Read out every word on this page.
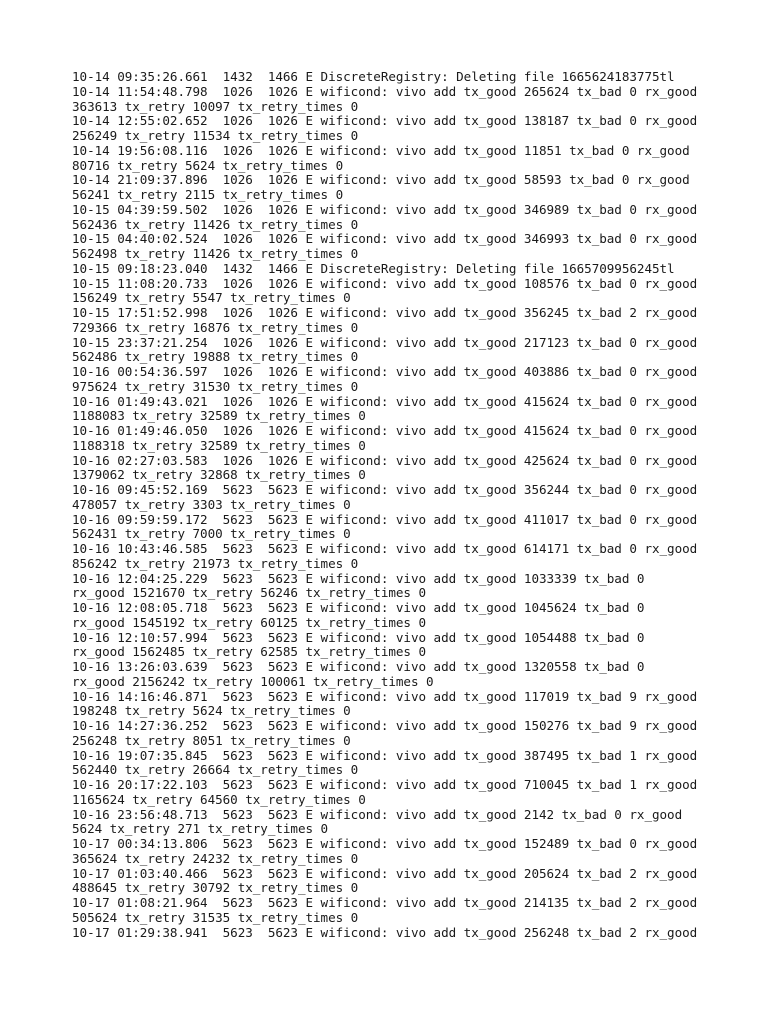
10-14 09:35:26.661  1432  1466 E DiscreteRegistry: Deleting file 1665624183775tl
10-14 11:54:48.798  1026  1026 E wificond: vivo add tx_good 265624 tx_bad 0 rx_good
363613 tx_retry 10097 tx_retry_times 0
10-14 12:55:02.652  1026  1026 E wificond: vivo add tx_good 138187 tx_bad 0 rx_good
256249 tx_retry 11534 tx_retry_times 0
10-14 19:56:08.116  1026  1026 E wificond: vivo add tx_good 11851 tx_bad 0 rx_good
80716 tx_retry 5624 tx_retry_times 0
10-14 21:09:37.896  1026  1026 E wificond: vivo add tx_good 58593 tx_bad 0 rx_good
56241 tx_retry 2115 tx_retry_times 0
10-15 04:39:59.502  1026  1026 E wificond: vivo add tx_good 346989 tx_bad 0 rx_good
562436 tx_retry 11426 tx_retry_times 0
10-15 04:40:02.524  1026  1026 E wificond: vivo add tx_good 346993 tx_bad 0 rx_good
562498 tx_retry 11426 tx_retry_times 0
10-15 09:18:23.040  1432  1466 E DiscreteRegistry: Deleting file 1665709956245tl
10-15 11:08:20.733  1026  1026 E wificond: vivo add tx_good 108576 tx_bad 0 rx_good
156249 tx_retry 5547 tx_retry_times 0
10-15 17:51:52.998  1026  1026 E wificond: vivo add tx_good 356245 tx_bad 2 rx_good
729366 tx_retry 16876 tx_retry_times 0
10-15 23:37:21.254  1026  1026 E wificond: vivo add tx_good 217123 tx_bad 0 rx_good
562486 tx_retry 19888 tx_retry_times 0
10-16 00:54:36.597  1026  1026 E wificond: vivo add tx_good 403886 tx_bad 0 rx_good
975624 tx_retry 31530 tx_retry_times 0
10-16 01:49:43.021  1026  1026 E wificond: vivo add tx_good 415624 tx_bad 0 rx_good
1188083 tx_retry 32589 tx_retry_times 0
10-16 01:49:46.050  1026  1026 E wificond: vivo add tx_good 415624 tx_bad 0 rx_good
1188318 tx_retry 32589 tx_retry_times 0
10-16 02:27:03.583  1026  1026 E wificond: vivo add tx_good 425624 tx_bad 0 rx_good
1379062 tx_retry 32868 tx_retry_times 0
10-16 09:45:52.169  5623  5623 E wificond: vivo add tx_good 356244 tx_bad 0 rx_good
478057 tx_retry 3303 tx_retry_times 0
10-16 09:59:59.172  5623  5623 E wificond: vivo add tx_good 411017 tx_bad 0 rx_good
562431 tx_retry 7000 tx_retry_times 0
10-16 10:43:46.585  5623  5623 E wificond: vivo add tx_good 614171 tx_bad 0 rx_good
856242 tx_retry 21973 tx_retry_times 0
10-16 12:04:25.229  5623  5623 E wificond: vivo add tx_good 1033339 tx_bad 0
rx_good 1521670 tx_retry 56246 tx_retry_times 0
10-16 12:08:05.718  5623  5623 E wificond: vivo add tx_good 1045624 tx_bad 0
rx_good 1545192 tx_retry 60125 tx_retry_times 0
10-16 12:10:57.994  5623  5623 E wificond: vivo add tx_good 1054488 tx_bad 0
rx_good 1562485 tx_retry 62585 tx_retry_times 0
10-16 13:26:03.639  5623  5623 E wificond: vivo add tx_good 1320558 tx_bad 0
rx_good 2156242 tx_retry 100061 tx_retry_times 0
10-16 14:16:46.871  5623  5623 E wificond: vivo add tx_good 117019 tx_bad 9 rx_good
198248 tx_retry 5624 tx_retry_times 0
10-16 14:27:36.252  5623  5623 E wificond: vivo add tx_good 150276 tx_bad 9 rx_good
256248 tx_retry 8051 tx_retry_times 0
10-16 19:07:35.845  5623  5623 E wificond: vivo add tx_good 387495 tx_bad 1 rx_good
562440 tx_retry 26664 tx_retry_times 0
10-16 20:17:22.103  5623  5623 E wificond: vivo add tx_good 710045 tx_bad 1 rx_good
1165624 tx_retry 64560 tx_retry_times 0
10-16 23:56:48.713  5623  5623 E wificond: vivo add tx_good 2142 tx_bad 0 rx_good
5624 tx_retry 271 tx_retry_times 0
10-17 00:34:13.806  5623  5623 E wificond: vivo add tx_good 152489 tx_bad 0 rx_good
365624 tx_retry 24232 tx_retry_times 0
10-17 01:03:40.466  5623  5623 E wificond: vivo add tx_good 205624 tx_bad 2 rx_good
488645 tx_retry 30792 tx_retry_times 0
10-17 01:08:21.964  5623  5623 E wificond: vivo add tx_good 214135 tx_bad 2 rx_good
505624 tx_retry 31535 tx_retry_times 0
10-17 01:29:38.941  5623  5623 E wificond: vivo add tx_good 256248 tx_bad 2 rx_good
